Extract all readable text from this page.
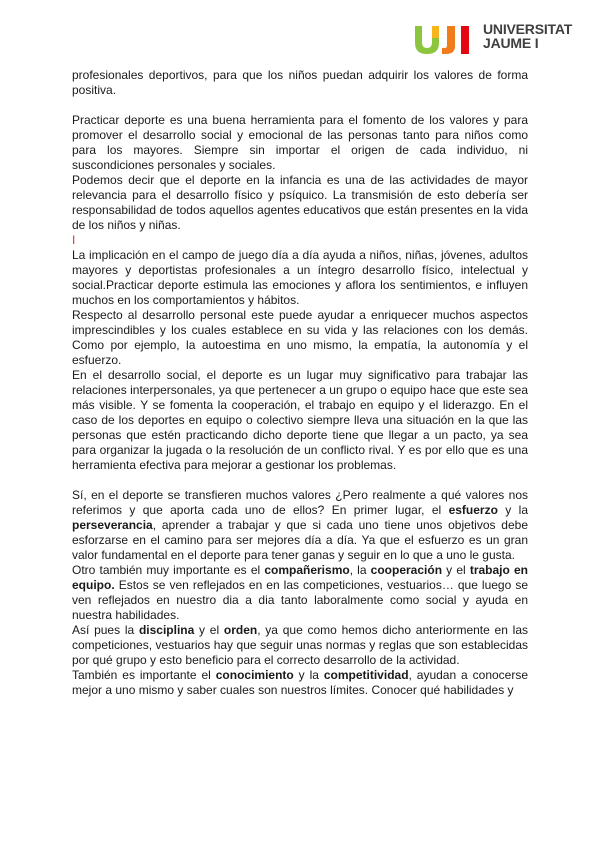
UNIVERSITAT
JAUME I

profesionales deportivos, para que los niños puedan adquirir los valores de forma positiva.

Practicar deporte es una buena herramienta para el fomento de los valores y para promover el desarrollo social y emocional de las personas tanto para niños como para los mayores. Siempre sin importar el origen de cada individuo, ni suscondiciones personales y sociales.

Podemos decir que el deporte en la infancia es una de las actividades de mayor relevancia para el desarrollo físico y psíquico. La transmisión de esto debería ser responsabilidad de todos aquellos agentes educativos que están presentes en la vida de los niños y niñas.

I

La implicación en el campo de juego día a día ayuda a niños, niñas, jóvenes, adultos mayores y deportistas profesionales a un íntegro desarrollo físico, intelectual y social.Practicar deporte estimula las emociones y aflora los sentimientos, e influyen muchos en los comportamientos y hábitos.

Respecto al desarrollo personal este puede ayudar a enriquecer muchos aspectos imprescindibles y los cuales establece en su vida y las relaciones con los demás. Como por ejemplo, la autoestima en uno mismo, la empatía, la autonomía y el esfuerzo.

En el desarrollo social, el deporte es un lugar muy significativo para trabajar las relaciones interpersonales, ya que pertenecer a un grupo o equipo hace que este sea más visible. Y se fomenta la cooperación, el trabajo en equipo y el liderazgo. En el caso de los deportes en equipo o colectivo siempre lleva una situación en la que las personas que estén practicando dicho deporte tiene que llegar a un pacto, ya sea para organizar la jugada o la resolución de un conflicto rival. Y es por ello que es una herramienta efectiva para mejorar a gestionar los problemas.

Sí, en el deporte se transfieren muchos valores ¿Pero realmente a qué valores nos referimos y que aporta cada uno de ellos? En primer lugar, el esfuerzo y la perseverancia, aprender a trabajar y que si cada uno tiene unos objetivos debe esforzarse en el camino para ser mejores día a día. Ya que el esfuerzo es un gran valor fundamental en el deporte para tener ganas y seguir en lo que a uno le gusta.

Otro también muy importante es el compañerismo, la cooperación y el trabajo en equipo. Estos se ven reflejados en en las competiciones, vestuarios… que luego se ven reflejados en nuestro dia a dia tanto laboralmente como social y ayuda en nuestra habilidades.

Así pues la disciplina y el orden, ya que como hemos dicho anteriormente en las competiciones, vestuarios hay que seguir unas normas y reglas que son establecidas por qué grupo y esto beneficio para el correcto desarrollo de la actividad.

También es importante el conocimiento y la competitividad, ayudan a conocerse mejor a uno mismo y saber cuales son nuestros límites. Conocer qué habilidades y
